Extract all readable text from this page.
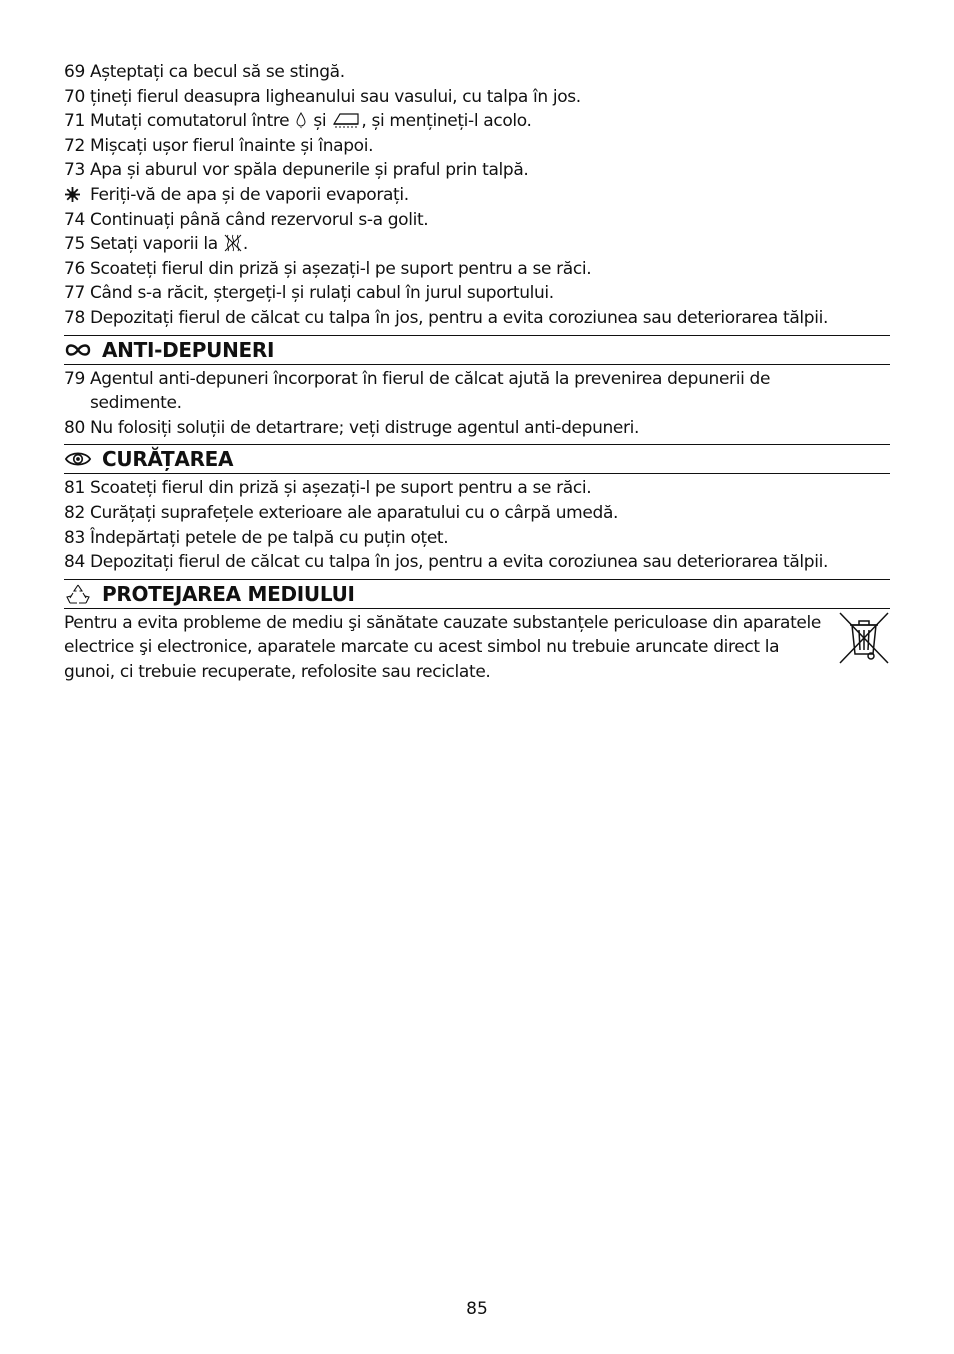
69 Așteptați ca becul să se stingă.
70 țineți fierul deasupra ligheanului sau vasului, cu talpa în jos.
71 Mutați comutatorul între și , și mențineți-l acolo.
72 Mișcați ușor fierul înainte și înapoi.
73 Apa și aburul vor spăla depunerile și praful prin talpă.
Feriți-vă de apa și de vaporii evaporați.
74 Continuați până când rezervorul s-a golit.
75 Setați vaporii la .
76 Scoateți fierul din priză și așezați-l pe suport pentru a se răci.
77 Când s-a răcit, ștergeți-l și rulați cabul în jurul suportului.
78 Depozitați fierul de călcat cu talpa în jos, pentru a evita coroziunea sau deteriorarea tălpii.
ANTI-DEPUNERI
79 Agentul anti-depuneri încorporat în fierul de călcat ajută la prevenirea depunerii de
sedimente.
80 Nu folosiți soluții de detartrare; veți distruge agentul anti-depuneri.
CURĂȚAREA
81 Scoateți fierul din priză și așezați-l pe suport pentru a se răci.
82 Curățați suprafețele exterioare ale aparatului cu o cârpă umedă.
83 Îndepărtați petele de pe talpă cu puțin oțet.
84 Depozitați fierul de călcat cu talpa în jos, pentru a evita coroziunea sau deteriorarea tălpii.
PROTEJAREA MEDIULUI
Pentru a evita probleme de mediu şi sănătate cauzate substanțele periculoase din aparatele electrice şi electronice, aparatele marcate cu acest simbol nu trebuie aruncate direct la gunoi, ci trebuie recuperate, refolosite sau reciclate.
85
